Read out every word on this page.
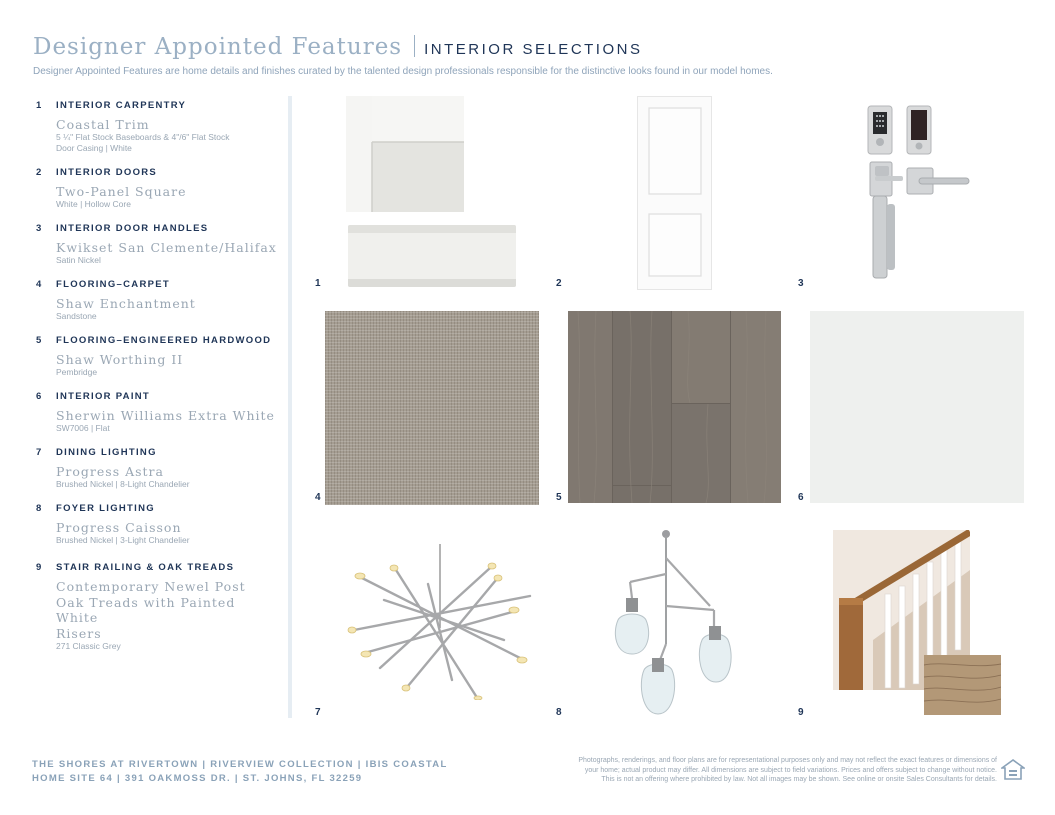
Designer Appointed Features INTERIOR SELECTIONS
Designer Appointed Features are home details and finishes curated by the talented design professionals responsible for the distinctive looks found in our model homes.
1 INTERIOR CARPENTRY
Coastal Trim
5 ¼" Flat Stock Baseboards & 4"/6" Flat Stock
Door Casing | White
2 INTERIOR DOORS
Two-Panel Square
White | Hollow Core
3 INTERIOR DOOR HANDLES
Kwikset San Clemente/Halifax
Satin Nickel
4 FLOORING–CARPET
Shaw Enchantment
Sandstone
5 FLOORING–ENGINEERED HARDWOOD
Shaw Worthing II
Pembridge
6 INTERIOR PAINT
Sherwin Williams Extra White
SW7006 | Flat
7 DINING LIGHTING
Progress Astra
Brushed Nickel | 8-Light Chandelier
8 FOYER LIGHTING
Progress Caisson
Brushed Nickel | 3-Light Chandelier
9 STAIR RAILING & OAK TREADS
Contemporary Newel Post
Oak Treads with Painted White
Risers
271 Classic Grey
1	2	3
4	5	6
7	8	9
THE SHORES AT RIVERTOWN | RIVERVIEW COLLECTION | IBIS COASTAL
HOME SITE 64 | 391 OAKMOSS DR. | ST. JOHNS, FL 32259
Photographs, renderings, and floor plans are for representational purposes only and may not reflect the exact features or dimensions of
your home; actual product may differ. All dimensions are subject to field variations. Prices and offers subject to change without notice.
This is not an offering where prohibited by law. Not all images may be shown. See online or onsite Sales Consultants for details.
